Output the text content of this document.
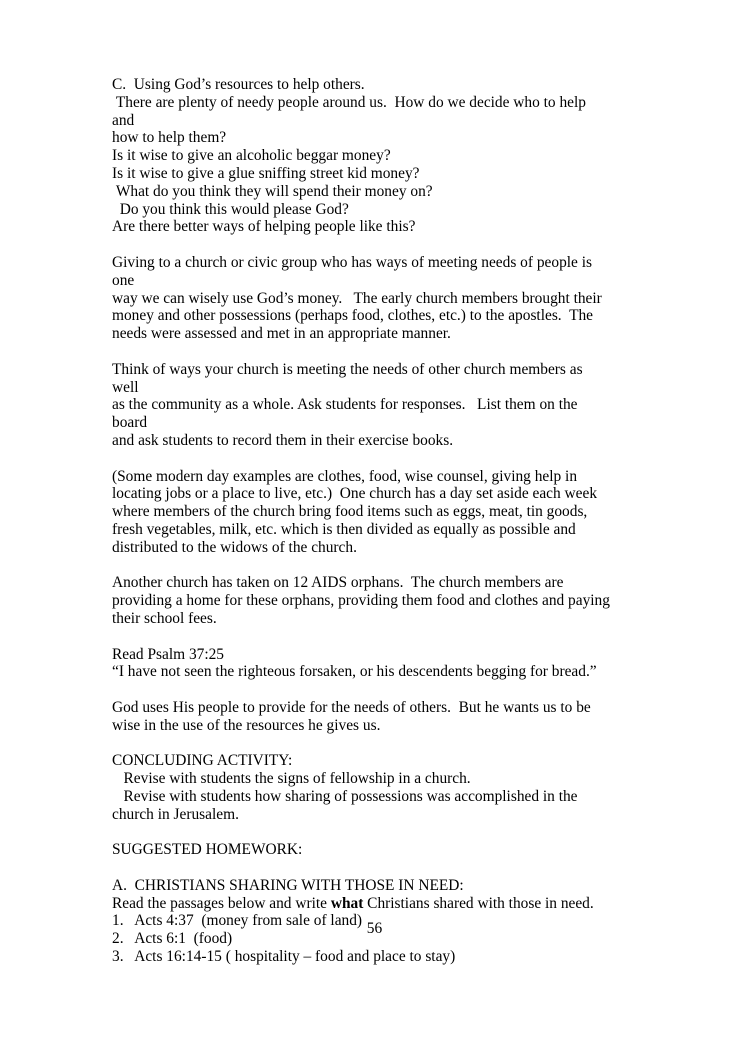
C.  Using God’s resources to help others.
There are plenty of needy people around us.  How do we decide who to help and
how to help them?
Is it wise to give an alcoholic beggar money?
Is it wise to give a glue sniffing street kid money?
What do you think they will spend their money on?
Do you think this would please God?
Are there better ways of helping people like this?
Giving to a church or civic group who has ways of meeting needs of people is one
way we can wisely use God’s money.   The early church members brought their
money and other possessions (perhaps food, clothes, etc.) to the apostles.  The
needs were assessed and met in an appropriate manner.
Think of ways your church is meeting the needs of other church members as well
as the community as a whole. Ask students for responses.   List them on the board
and ask students to record them in their exercise books.
(Some modern day examples are clothes, food, wise counsel, giving help in
locating jobs or a place to live, etc.)  One church has a day set aside each week
where members of the church bring food items such as eggs, meat, tin goods,
fresh vegetables, milk, etc. which is then divided as equally as possible and
distributed to the widows of the church.
Another church has taken on 12 AIDS orphans.  The church members are
providing a home for these orphans, providing them food and clothes and paying
their school fees.
Read Psalm 37:25
“I have not seen the righteous forsaken, or his descendents begging for bread.”
God uses His people to provide for the needs of others.  But he wants us to be
wise in the use of the resources he gives us.
CONCLUDING ACTIVITY:
Revise with students the signs of fellowship in a church.
Revise with students how sharing of possessions was accomplished in the
church in Jerusalem.
SUGGESTED HOMEWORK:
A.  CHRISTIANS SHARING WITH THOSE IN NEED:
Read the passages below and write what Christians shared with those in need.
1.   Acts 4:37  (money from sale of land)
2.   Acts 6:1  (food)
3.   Acts 16:14-15 ( hospitality – food and place to stay)
56
